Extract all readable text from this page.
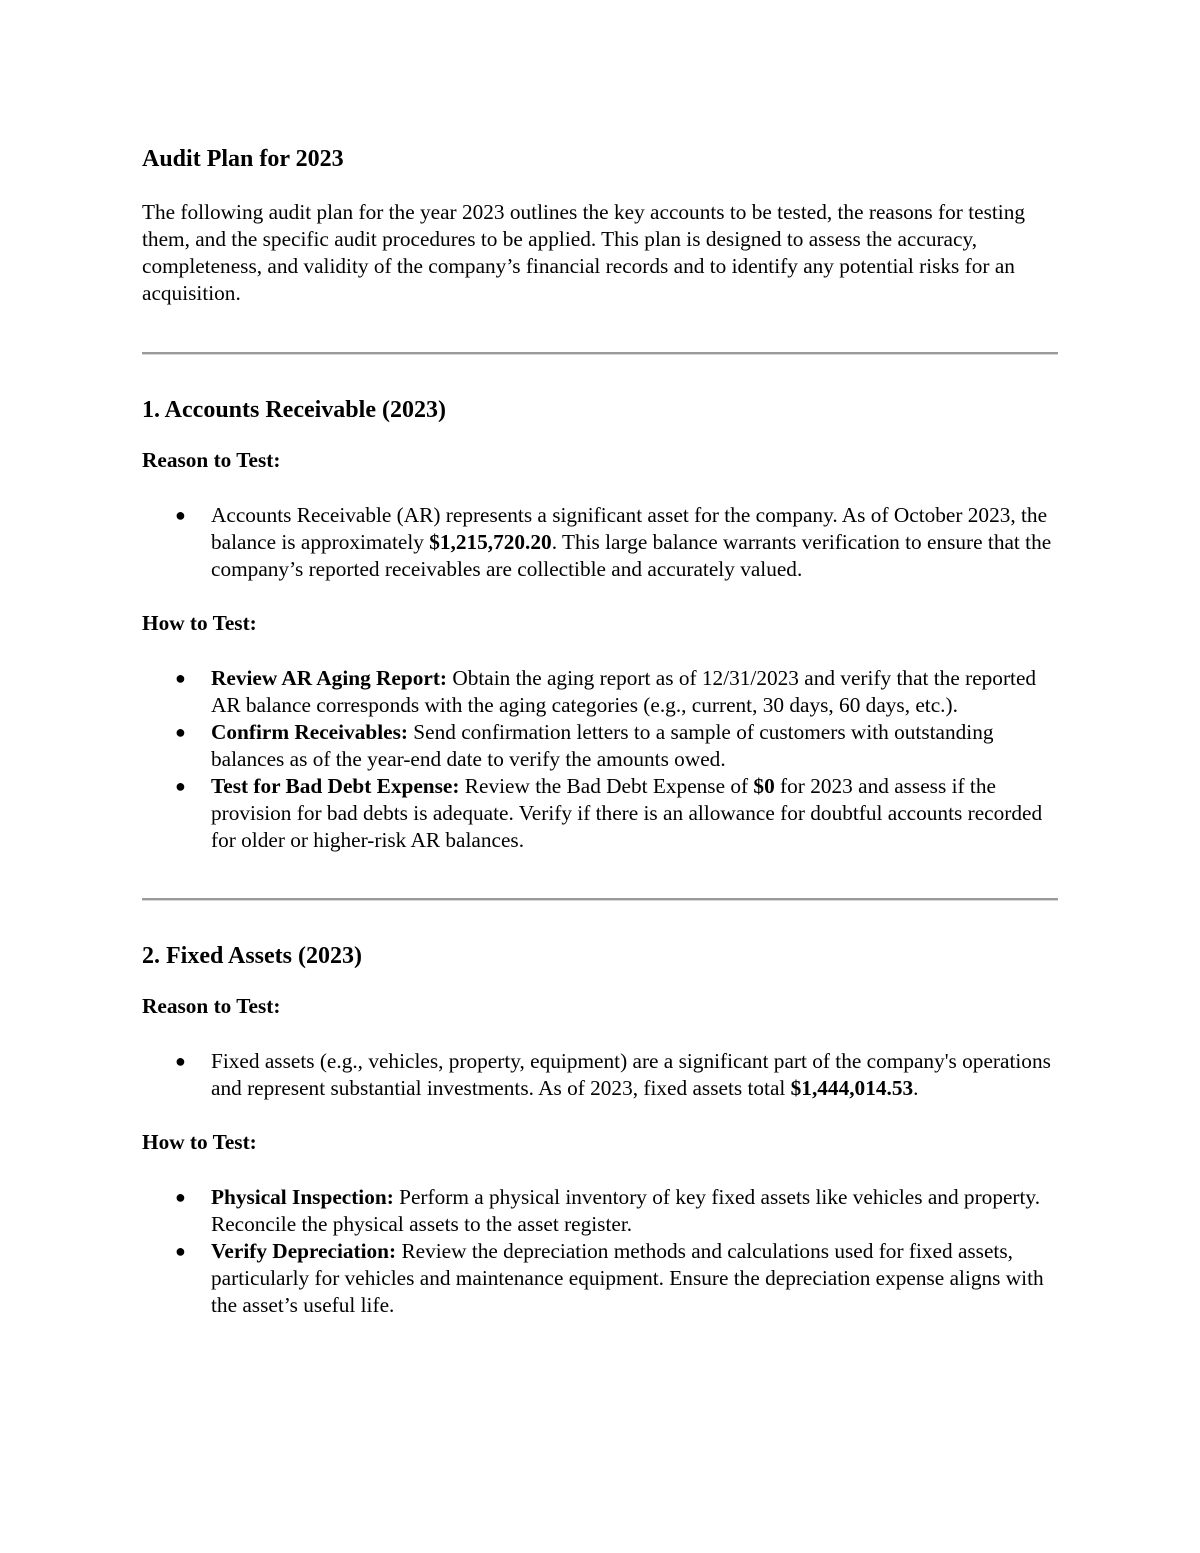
Audit Plan for 2023

The following audit plan for the year 2023 outlines the key accounts to be tested, the reasons for testing them, and the specific audit procedures to be applied. This plan is designed to assess the accuracy, completeness, and validity of the company’s financial records and to identify any potential risks for an acquisition.

1. Accounts Receivable (2023)
Reason to Test:
● Accounts Receivable (AR) represents a significant asset for the company. As of October 2023, the balance is approximately $1,215,720.20. This large balance warrants verification to ensure that the company’s reported receivables are collectible and accurately valued.
How to Test:
● Review AR Aging Report: Obtain the aging report as of 12/31/2023 and verify that the reported AR balance corresponds with the aging categories (e.g., current, 30 days, 60 days, etc.).
● Confirm Receivables: Send confirmation letters to a sample of customers with outstanding balances as of the year-end date to verify the amounts owed.
● Test for Bad Debt Expense: Review the Bad Debt Expense of $0 for 2023 and assess if the provision for bad debts is adequate. Verify if there is an allowance for doubtful accounts recorded for older or higher-risk AR balances.
2. Fixed Assets (2023)
Reason to Test:
● Fixed assets (e.g., vehicles, property, equipment) are a significant part of the company's operations and represent substantial investments. As of 2023, fixed assets total $1,444,014.53.
How to Test:
● Physical Inspection: Perform a physical inventory of key fixed assets like vehicles and property. Reconcile the physical assets to the asset register.
● Verify Depreciation: Review the depreciation methods and calculations used for fixed assets, particularly for vehicles and maintenance equipment. Ensure the depreciation expense aligns with the asset’s useful life.
